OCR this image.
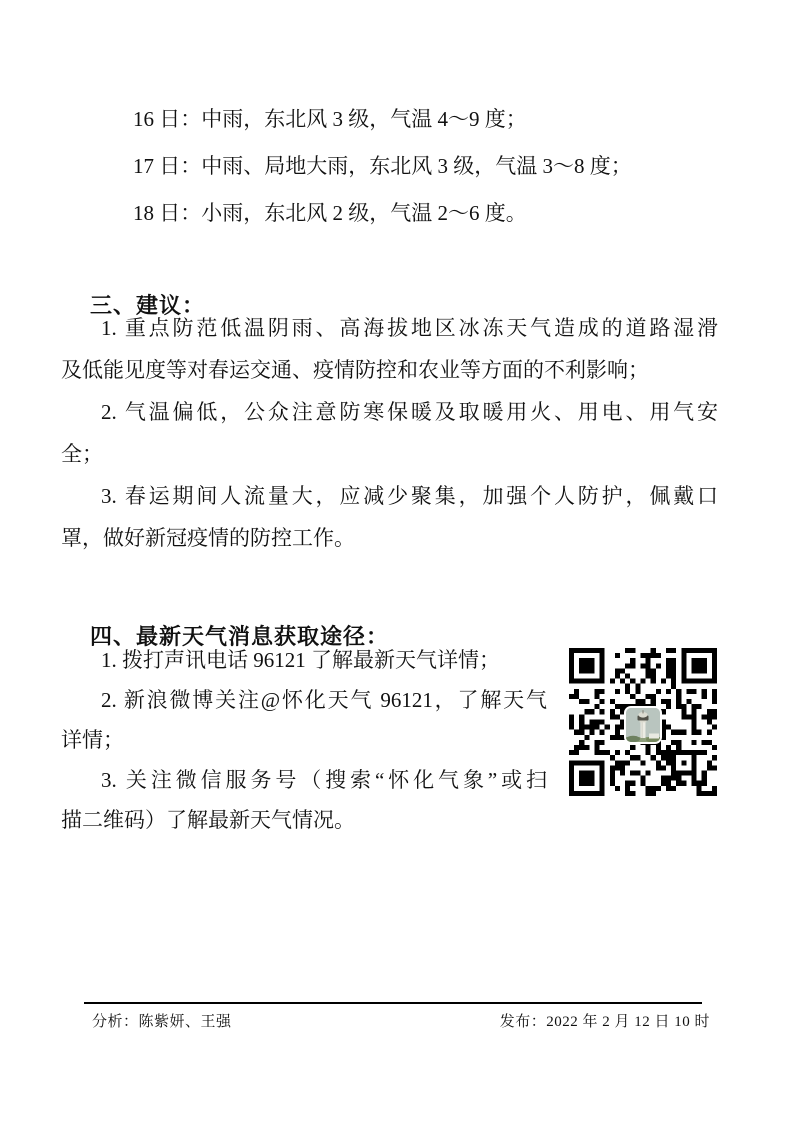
16 日：中雨，东北风 3 级，气温 4～9 度；
17 日：中雨、局地大雨，东北风 3 级，气温 3～8 度；
18 日：小雨，东北风 2 级，气温 2～6 度。
三、建议：
1. 重点防范低温阴雨、高海拔地区冰冻天气造成的道路湿滑
及低能见度等对春运交通、疫情防控和农业等方面的不利影响；
2. 气温偏低，公众注意防寒保暖及取暖用火、用电、用气安
全；
3. 春运期间人流量大，应减少聚集，加强个人防护，佩戴口
罩，做好新冠疫情的防控工作。
四、最新天气消息获取途径：
1. 拨打声讯电话 96121 了解最新天气详情；
2. 新浪微博关注@怀化天气 96121，了解天气
详情；
3. 关注微信服务号（搜索“怀化气象”或扫
描二维码）了解最新天气情况。
分析：陈紫妍、王强	发布：2022 年 2 月 12 日 10 时
